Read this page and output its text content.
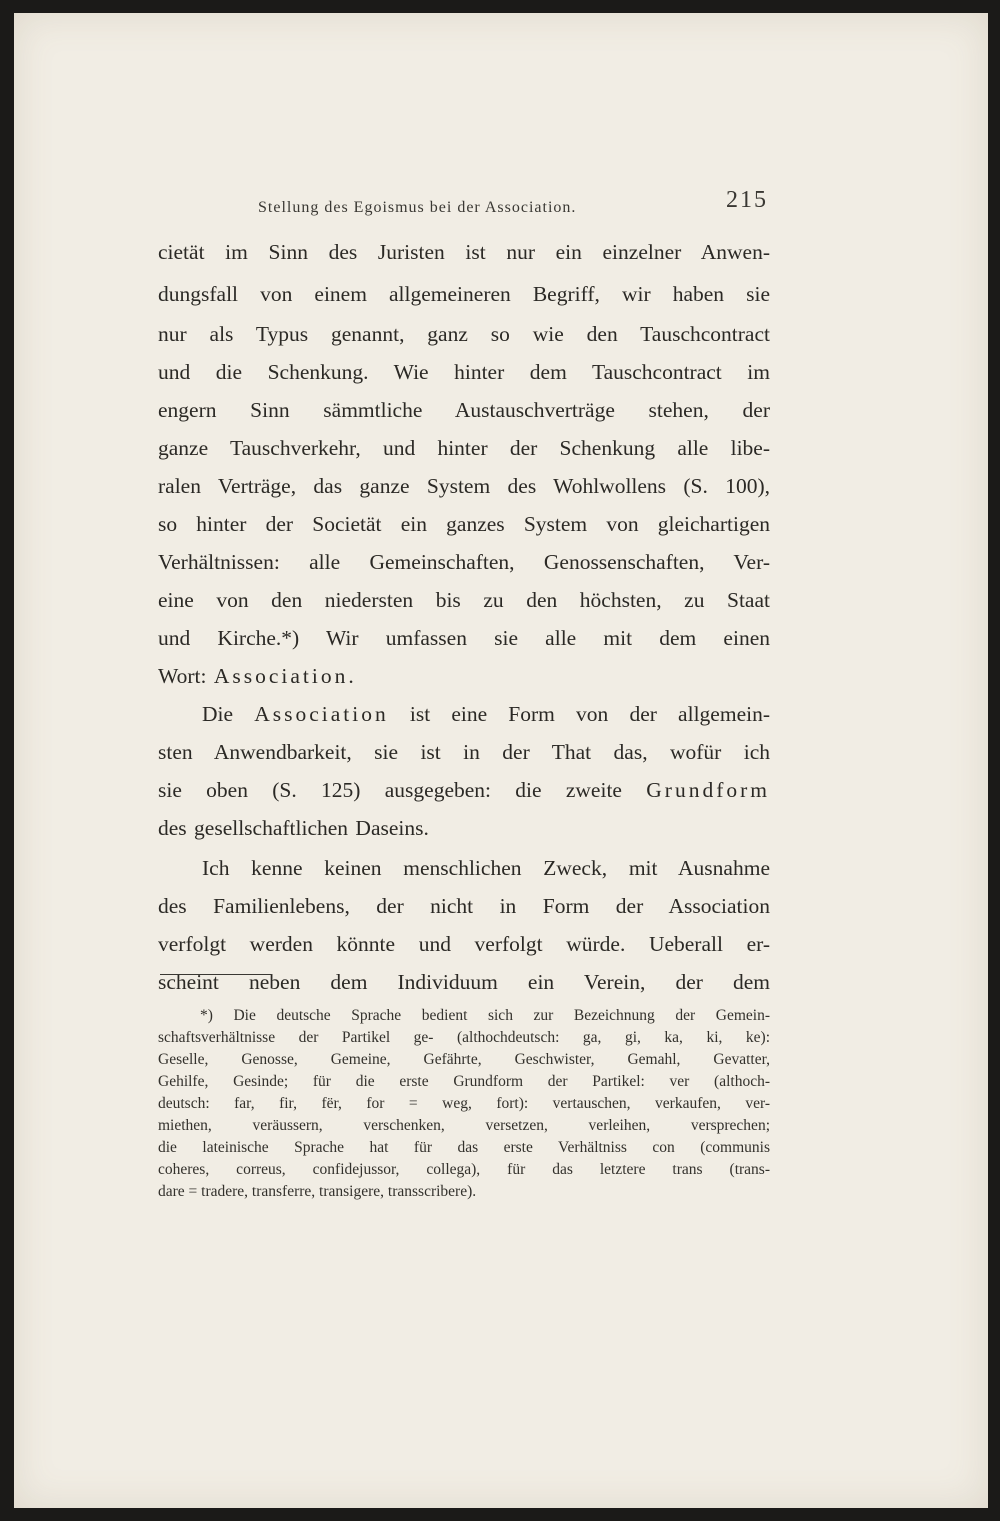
Stellung des Egoismus bei der Association.	215
cietät im Sinn des Juristen ist nur ein einzelner Anwen-
dungsfall von einem allgemeineren Begriff, wir haben sie
nur als Typus genannt, ganz so wie den Tauschcontract
und die Schenkung. Wie hinter dem Tauschcontract im
engern Sinn sämmtliche Austauschverträge stehen, der
ganze Tauschverkehr, und hinter der Schenkung alle libe-
ralen Verträge, das ganze System des Wohlwollens (S. 100),
so hinter der Societät ein ganzes System von gleichartigen
Verhältnissen: alle Gemeinschaften, Genossenschaften, Ver-
eine von den niedersten bis zu den höchsten, zu Staat
und Kirche.*) Wir umfassen sie alle mit dem einen
Wort: Association.
Die Association ist eine Form von der allgemein-
sten Anwendbarkeit, sie ist in der That das, wofür ich
sie oben (S. 125) ausgegeben: die zweite Grundform
des gesellschaftlichen Daseins.
Ich kenne keinen menschlichen Zweck, mit Ausnahme
des Familienlebens, der nicht in Form der Association
verfolgt werden könnte und verfolgt würde. Ueberall er-
scheint neben dem Individuum ein Verein, der dem
*) Die deutsche Sprache bedient sich zur Bezeichnung der Gemein-
schaftsverhältnisse der Partikel ge- (althochdeutsch: ga, gi, ka, ki, ke):
Geselle, Genosse, Gemeine, Gefährte, Geschwister, Gemahl, Gevatter,
Gehilfe, Gesinde; für die erste Grundform der Partikel: ver (althoch-
deutsch: far, fir, fër, for = weg, fort): vertauschen, verkaufen, ver-
miethen, veräussern, verschenken, versetzen, verleihen, versprechen;
die lateinische Sprache hat für das erste Verhältniss con (communis
coheres, correus, confidejussor, collega), für das letztere trans (trans-
dare = tradere, transferre, transigere, transscribere).
